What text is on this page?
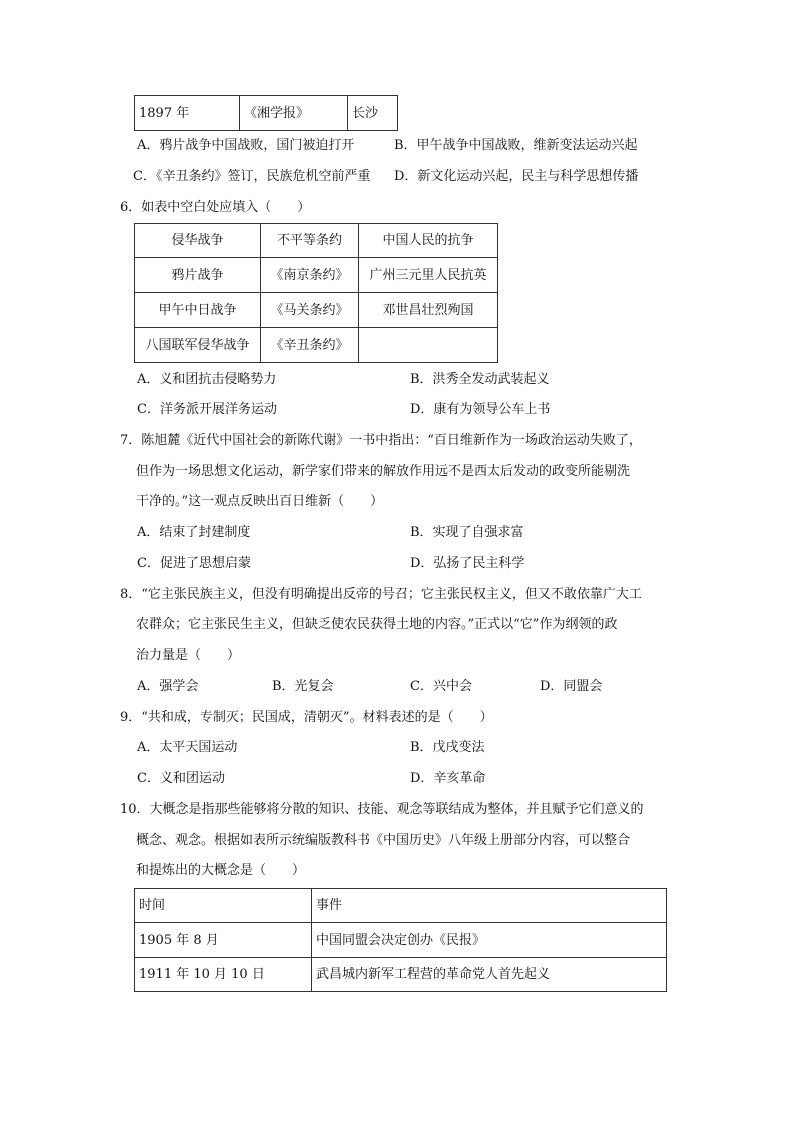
1897 年	《湘学报》	长沙
A．鸦片战争中国战败，国门被迫打开	B．甲午战争中国战败，维新变法运动兴起
C．《辛丑条约》签订，民族危机空前严重 D．新文化运动兴起，民主与科学思想传播
6．如表中空白处应填入（　　）
侵华战争	不平等条约	中国人民的抗争
鸦片战争	《南京条约》	广州三元里人民抗英
甲午中日战争	《马关条约》	邓世昌壮烈殉国
八国联军侵华战争	《辛丑条约》	
A．义和团抗击侵略势力	B．洪秀全发动武装起义
C．洋务派开展洋务运动	D．康有为领导公车上书
7．陈旭麓《近代中国社会的新陈代谢》一书中指出：“百日维新作为一场政治运动失败了，
但作为一场思想文化运动，新学家们带来的解放作用远不是西太后发动的政变所能剔洗
干净的。”这一观点反映出百日维新（　　）
A．结束了封建制度	B．实现了自强求富
C．促进了思想启蒙	D．弘扬了民主科学
8．“它主张民族主义，但没有明确提出反帝的号召；它主张民权主义，但又不敢依靠广大工
农群众；它主张民生主义，但缺乏使农民获得土地的内容。”正式以“它”作为纲领的政
治力量是（　　）
A．强学会	B．光复会	C．兴中会	D．同盟会
9．“共和成，专制灭；民国成，清朝灭”。材料表述的是（　　）
A．太平天国运动	B．戊戌变法
C．义和团运动	D．辛亥革命
10．大概念是指那些能够将分散的知识、技能、观念等联结成为整体，并且赋予它们意义的
概念、观念。根据如表所示统编版教科书《中国历史》八年级上册部分内容，可以整合
和提炼出的大概念是（　　）
时间	事件
1905 年 8 月	中国同盟会决定创办《民报》
1911 年 10 月 10 日	武昌城内新军工程营的革命党人首先起义
